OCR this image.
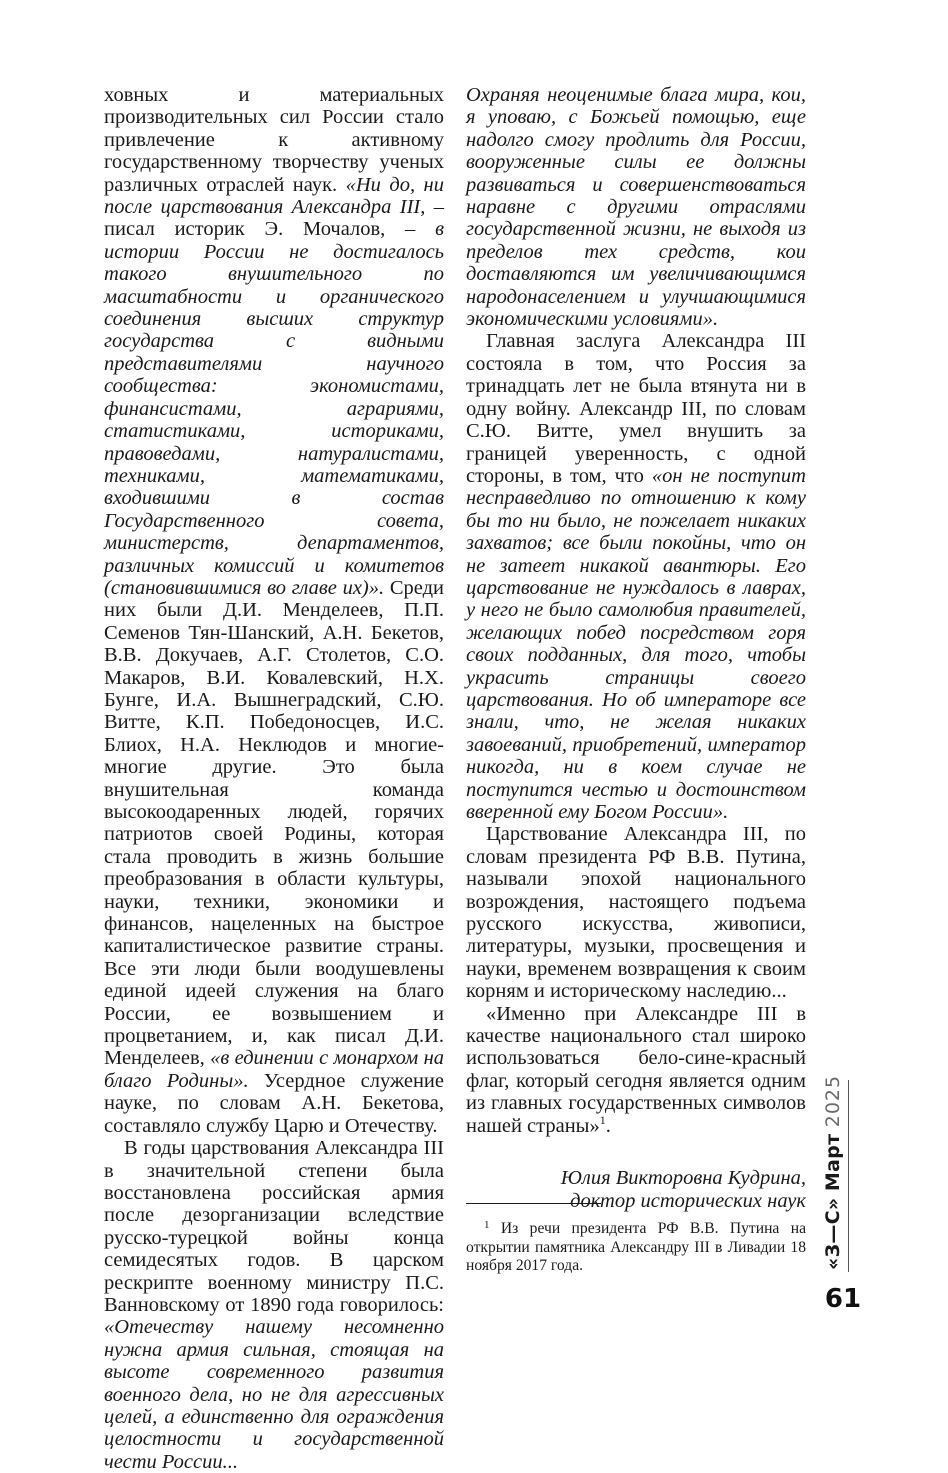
ховных и материальных производительных сил России стало привлечение к активному государственному творчеству ученых различных отраслей наук. «Ни до, ни после царствования Александра III, – писал историк Э. Мочалов, – в истории России не достигалось такого внушительного по масштабности и органического соединения высших структур государства с видными представителями научного сообщества: экономистами, финансистами, аграриями, статистиками, историками, правоведами, натуралистами, техниками, математиками, входившими в состав Государственного совета, министерств, департаментов, различных комиссий и комитетов (становившимися во главе их)». Среди них были Д.И. Менделеев, П.П. Семенов Тян-Шанский, А.Н. Бекетов, В.В. Докучаев, А.Г. Столетов, С.О. Макаров, В.И. Ковалевский, Н.Х. Бунге, И.А. Вышнеградский, С.Ю. Витте, К.П. Победоносцев, И.С. Блиох, Н.А. Неклюдов и многие-многие другие. Это была внушительная команда высокоодаренных людей, горячих патриотов своей Родины, которая стала проводить в жизнь большие преобразования в области культуры, науки, техники, экономики и финансов, нацеленных на быстрое капиталистическое развитие страны. Все эти люди были воодушевлены единой идеей служения на благо России, ее возвышением и процветанием, и, как писал Д.И. Менделеев, «в единении с монархом на благо Родины». Усердное служение науке, по словам А.Н. Бекетова, составляло службу Царю и Отечеству.

В годы царствования Александра III в значительной степени была восстановлена российская армия после дезорганизации вследствие русско-турецкой войны конца семидесятых годов. В царском рескрипте военному министру П.С. Ванновскому от 1890 года говорилось: «Отечеству нашему несомненно нужна армия сильная, стоящая на высоте современного развития военного дела, но не для агрессивных целей, а единственно для ограждения целостности и государственной чести России...

Охраняя неоценимые блага мира, кои, я уповаю, с Божьей помощью, еще надолго смогу продлить для России, вооруженные силы ее должны развиваться и совершенствоваться наравне с другими отраслями государственной жизни, не выходя из пределов тех средств, кои доставляются им увеличивающимся народонаселением и улучшающимися экономическими условиями».

Главная заслуга Александра III состояла в том, что Россия за тринадцать лет не была втянута ни в одну войну. Александр III, по словам С.Ю. Витте, умел внушить за границей уверенность, с одной стороны, в том, что «он не поступит несправедливо по отношению к кому бы то ни было, не пожелает никаких захватов; все были покойны, что он не затеет никакой авантюры. Его царствование не нуждалось в лаврах, у него не было самолюбия правителей, желающих побед посредством горя своих подданных, для того, чтобы украсить страницы своего царствования. Но об императоре все знали, что, не желая никаких завоеваний, приобретений, император никогда, ни в коем случае не поступится честью и достоинством вверенной ему Богом России».

Царствование Александра III, по словам президента РФ В.В. Путина, называли эпохой национального возрождения, настоящего подъема русского искусства, живописи, литературы, музыки, просвещения и науки, временем возвращения к своим корням и историческому наследию...

«Именно при Александре III в качестве национального стал широко использоваться бело-сине-красный флаг, который сегодня является одним из главных государственных символов нашей страны»$^1$.

Юлия Викторовна Кудрина,
доктор исторических наук

$^1$ Из речи президента РФ В.В. Путина на открытии памятника Александру III в Ливадии 18 ноября 2017 года.	«З—С» Март 2025
61
